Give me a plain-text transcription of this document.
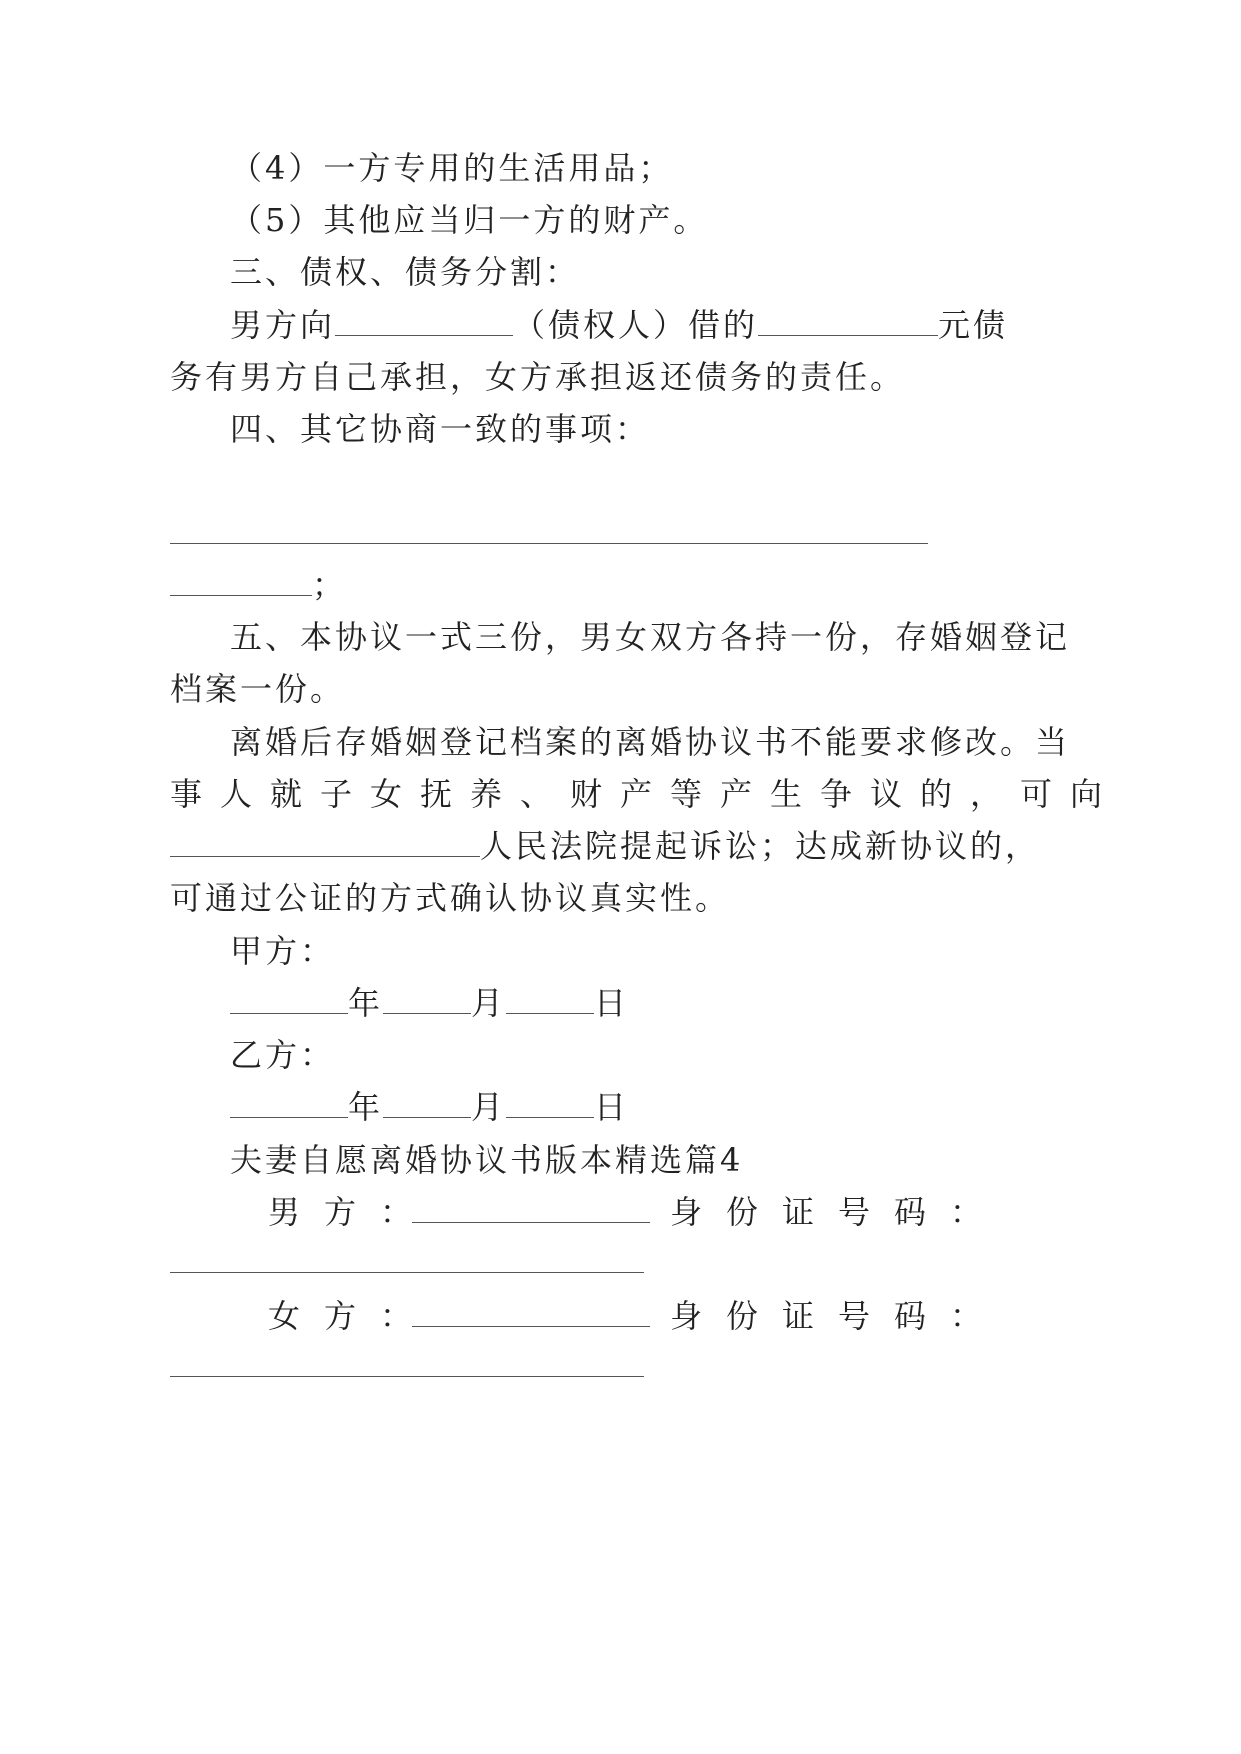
（4）一方专用的生活用品；
（5）其他应当归一方的财产。
三、债权、债务分割：
男方向	（债权人）借的	元债
务有男方自己承担，女方承担返还债务的责任。
四、其它协商一致的事项：
；
五、本协议一式三份，男女双方各持一份，存婚姻登记
档案一份。
离婚后存婚姻登记档案的离婚协议书不能要求修改。当
事人就子女抚养、财产等产生争议的，可向
人民法院提起诉讼；达成新协议的，
可通过公证的方式确认协议真实性。
甲方：
年	月	日
乙方：
年	月	日
夫妻自愿离婚协议书版本精选篇4
男方：	身份证号码：
女方：	身份证号码：
